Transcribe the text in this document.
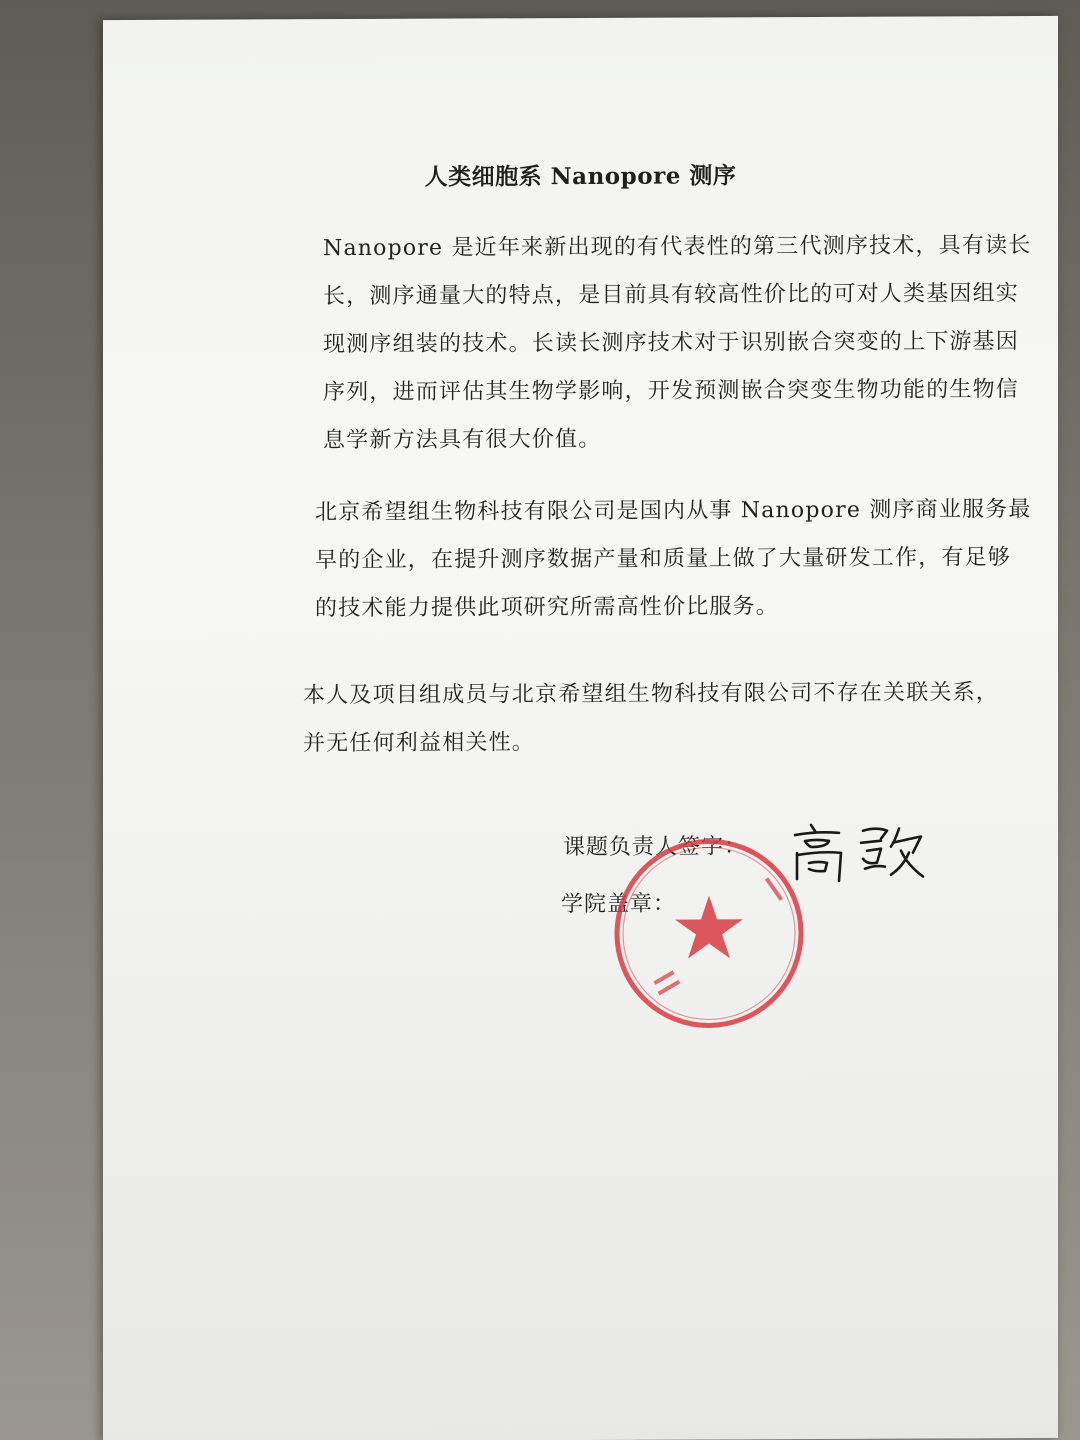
人类细胞系 Nanopore 测序
Nanopore 是近年来新出现的有代表性的第三代测序技术，具有读长
长，测序通量大的特点，是目前具有较高性价比的可对人类基因组实
现测序组装的技术。长读长测序技术对于识别嵌合突变的上下游基因
序列，进而评估其生物学影响，开发预测嵌合突变生物功能的生物信
息学新方法具有很大价值。
北京希望组生物科技有限公司是国内从事 Nanopore 测序商业服务最
早的企业，在提升测序数据产量和质量上做了大量研发工作，有足够
的技术能力提供此项研究所需高性价比服务。
本人及项目组成员与北京希望组生物科技有限公司不存在关联关系，
并无任何利益相关性。
课题负责人签字：
学院盖章：
